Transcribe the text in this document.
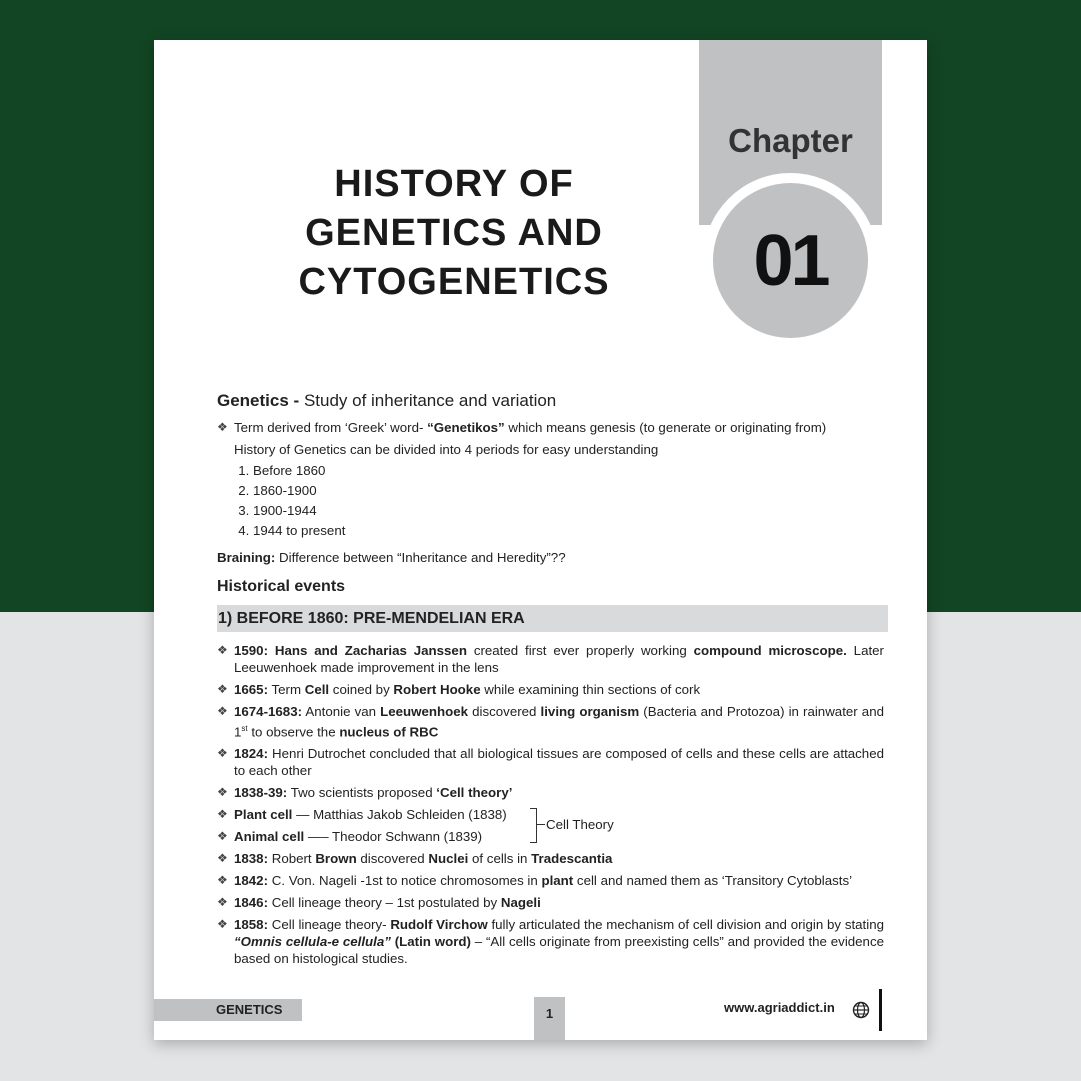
Chapter
01
HISTORY OF
GENETICS AND
CYTOGENETICS
Genetics - Study of inheritance and variation
❖ Term derived from ‘Greek’ word- “Genetikos” which means genesis (to generate or originating from)
History of Genetics can be divided into 4 periods for easy understanding
1. Before 1860
2. 1860-1900
3. 1900-1944
4. 1944 to present
Braining: Difference between “Inheritance and Heredity”??
Historical events
1) BEFORE 1860: PRE-MENDELIAN ERA
❖ 1590: Hans and Zacharias Janssen created first ever properly working compound microscope. Later Leeuwenhoek made improvement in the lens
❖ 1665: Term Cell coined by Robert Hooke while examining thin sections of cork
❖ 1674-1683: Antonie van Leeuwenhoek discovered living organism (Bacteria and Protozoa) in rainwater and 1st to observe the nucleus of RBC
❖ 1824: Henri Dutrochet concluded that all biological tissues are composed of cells and these cells are attached to each other
❖ 1838-39: Two scientists proposed ‘Cell theory’
❖ Plant cell — Matthias Jakob Schleiden (1838)
❖ Animal cell —– Theodor Schwann (1839)
Cell Theory
❖ 1838: Robert Brown discovered Nuclei of cells in Tradescantia
❖ 1842: C. Von. Nageli -1st to notice chromosomes in plant cell and named them as ‘Transitory Cytoblasts’
❖ 1846: Cell lineage theory – 1st postulated by Nageli
❖ 1858: Cell lineage theory- Rudolf Virchow fully articulated the mechanism of cell division and origin by stating “Omnis cellula-e cellula” (Latin word) – “All cells originate from preexisting cells” and provided the evidence based on histological studies.
GENETICS	1	www.agriaddict.in
